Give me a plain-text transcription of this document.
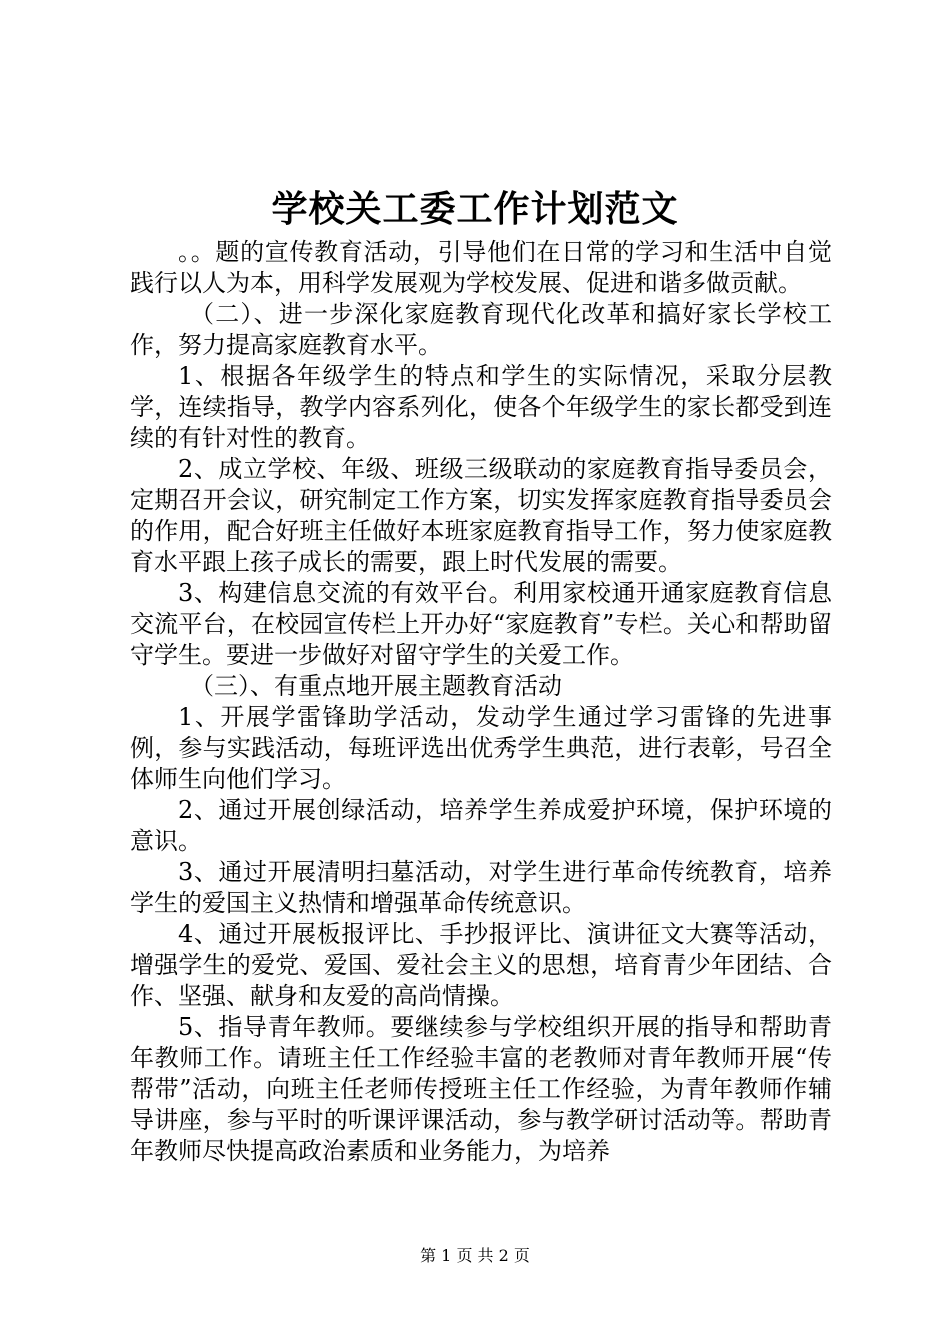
学校关工委工作计划范文

。。题的宣传教育活动，引导他们在日常的学习和生活中自觉践行以人为本，用科学发展观为学校发展、促进和谐多做贡献。

（二）、进一步深化家庭教育现代化改革和搞好家长学校工作，努力提高家庭教育水平。

1、根据各年级学生的特点和学生的实际情况，采取分层教学，连续指导，教学内容系列化，使各个年级学生的家长都受到连续的有针对性的教育。

2、成立学校、年级、班级三级联动的家庭教育指导委员会，定期召开会议，研究制定工作方案，切实发挥家庭教育指导委员会的作用，配合好班主任做好本班家庭教育指导工作，努力使家庭教育水平跟上孩子成长的需要，跟上时代发展的需要。

3、构建信息交流的有效平台。利用家校通开通家庭教育信息交流平台，在校园宣传栏上开办好“家庭教育”专栏。关心和帮助留守学生。要进一步做好对留守学生的关爱工作。

（三）、有重点地开展主题教育活动

1、开展学雷锋助学活动，发动学生通过学习雷锋的先进事例，参与实践活动，每班评选出优秀学生典范，进行表彰，号召全体师生向他们学习。

2、通过开展创绿活动，培养学生养成爱护环境，保护环境的意识。

3、通过开展清明扫墓活动，对学生进行革命传统教育，培养学生的爱国主义热情和增强革命传统意识。

4、通过开展板报评比、手抄报评比、演讲征文大赛等活动，增强学生的爱党、爱国、爱社会主义的思想，培育青少年团结、合作、坚强、献身和友爱的高尚情操。

5、指导青年教师。要继续参与学校组织开展的指导和帮助青年教师工作。请班主任工作经验丰富的老教师对青年教师开展“传帮带”活动，向班主任老师传授班主任工作经验，为青年教师作辅导讲座，参与平时的听课评课活动，参与教学研讨活动等。帮助青年教师尽快提高政治素质和业务能力，为培养

第 1 页 共 2 页
